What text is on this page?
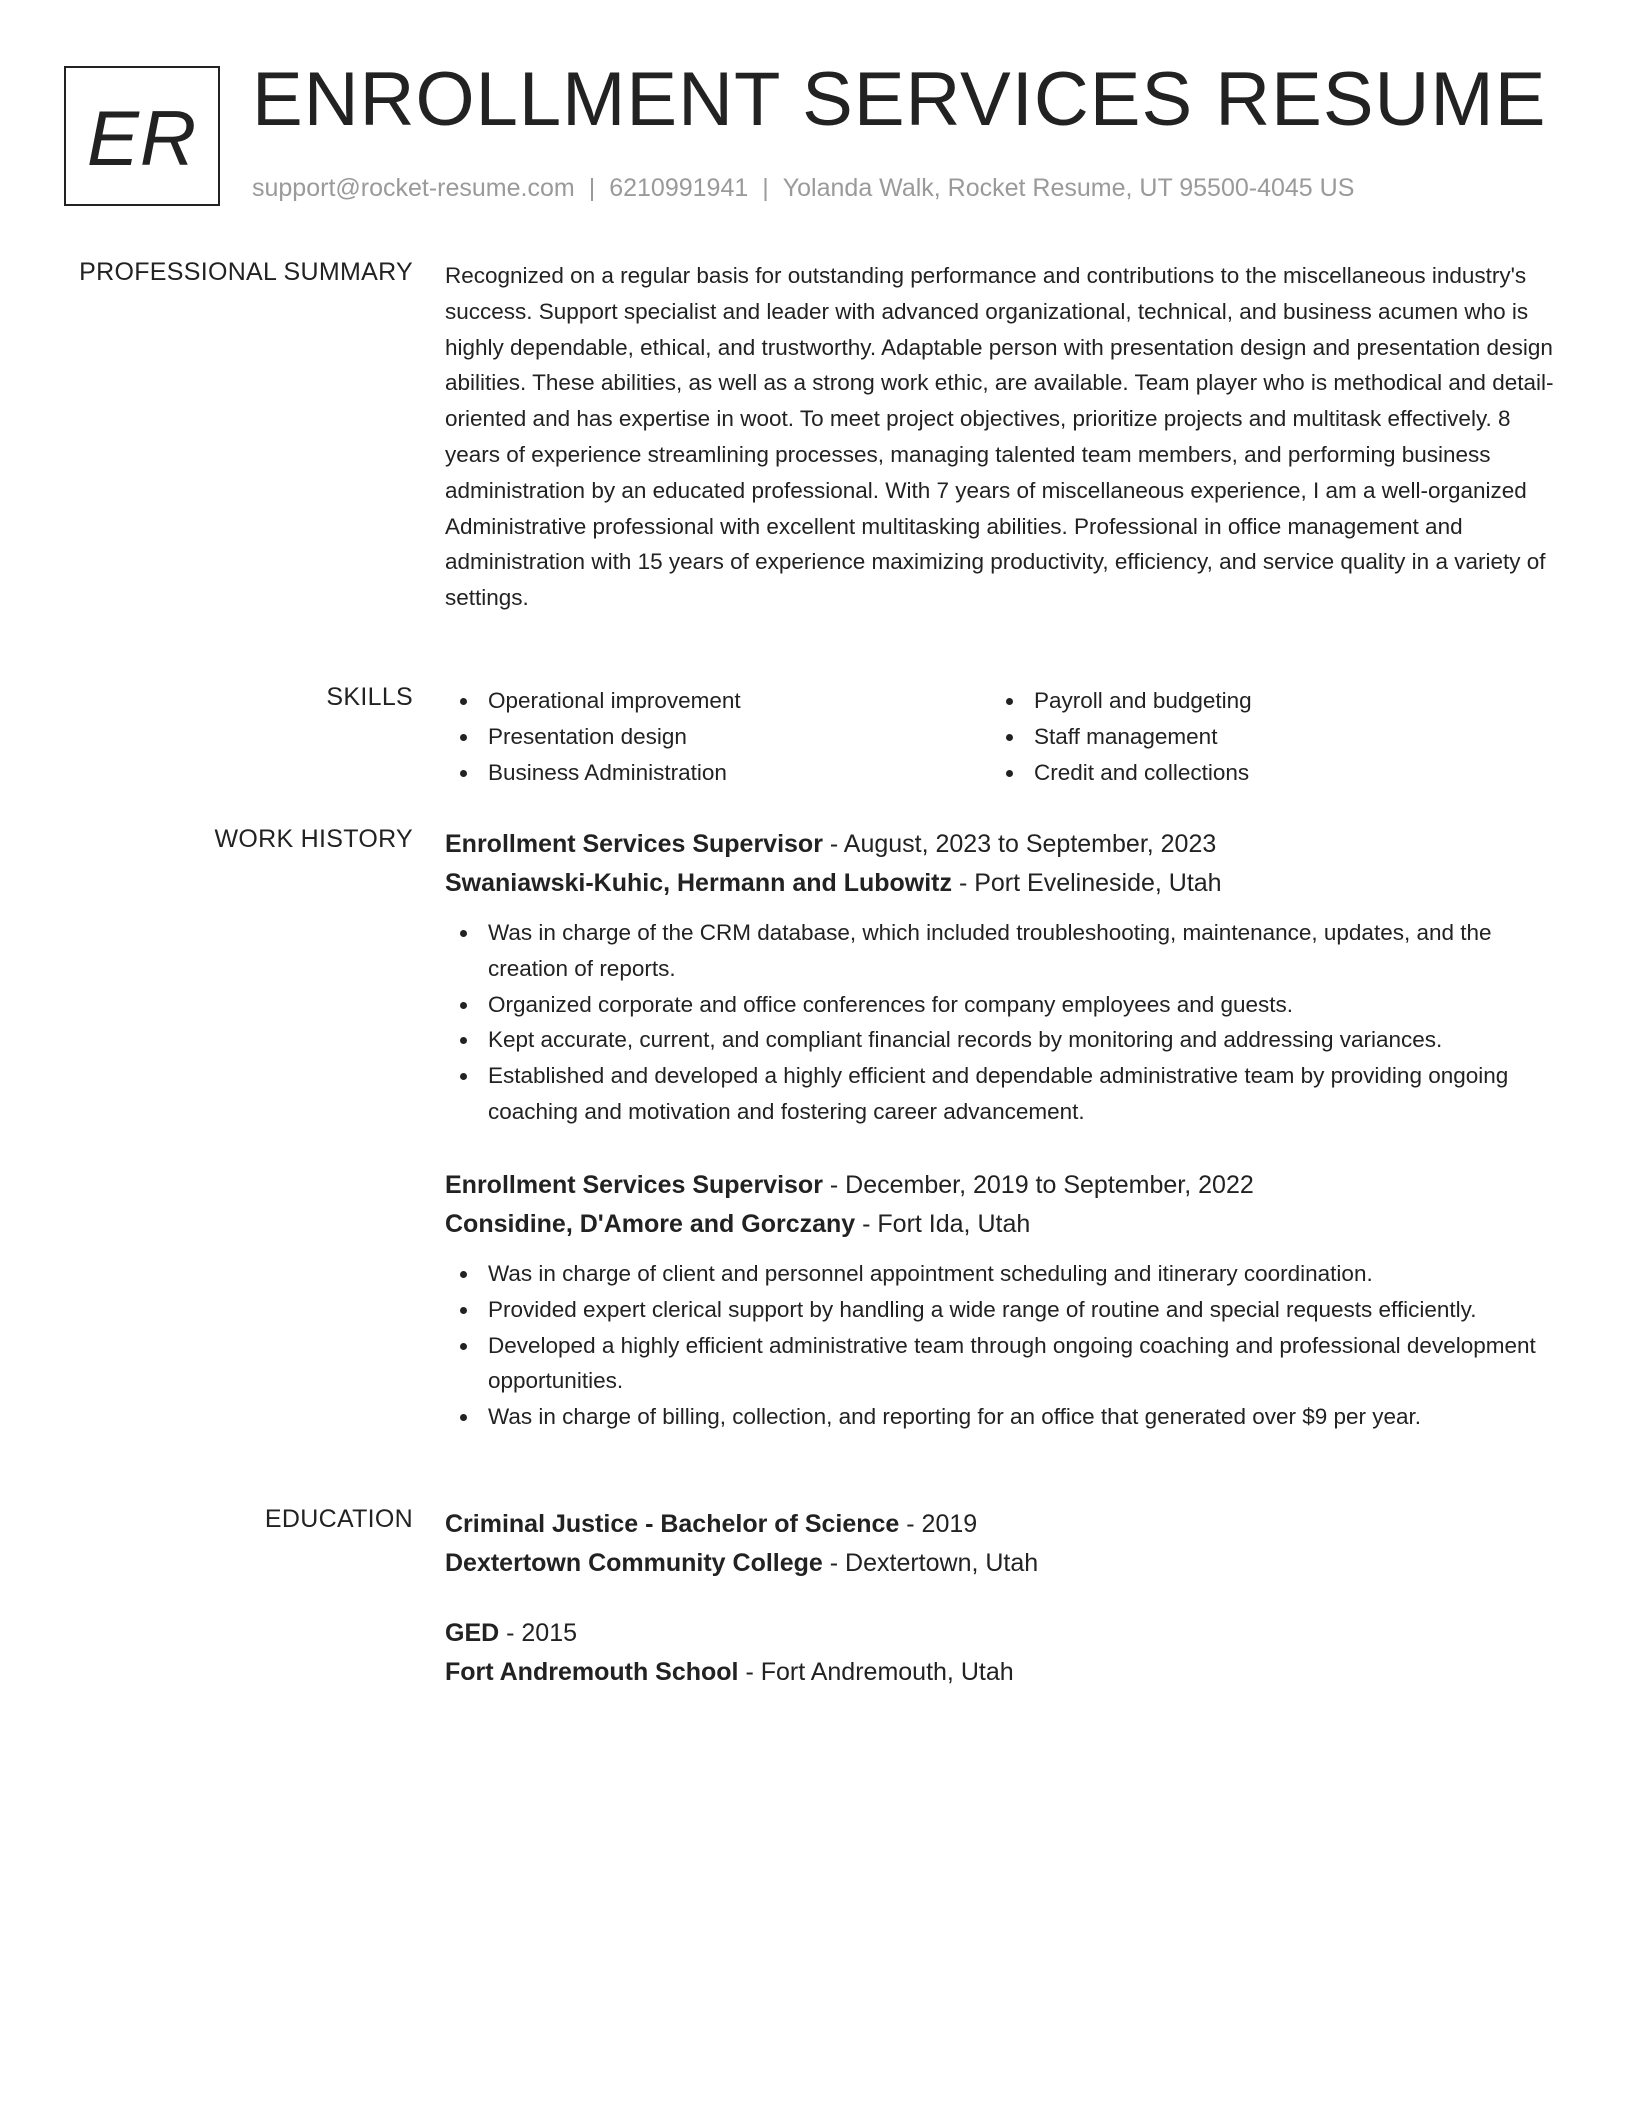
ER ENROLLMENT SERVICES RESUME
support@rocket-resume.com | 6210991941 | Yolanda Walk, Rocket Resume, UT 95500-4045 US
PROFESSIONAL SUMMARY Recognized on a regular basis for outstanding performance and contributions to the miscellaneous industry's success. Support specialist and leader with advanced organizational, technical, and business acumen who is highly dependable, ethical, and trustworthy. Adaptable person with presentation design and presentation design abilities. These abilities, as well as a strong work ethic, are available. Team player who is methodical and detail-oriented and has expertise in woot. To meet project objectives, prioritize projects and multitask effectively. 8 years of experience streamlining processes, managing talented team members, and performing business administration by an educated professional. With 7 years of miscellaneous experience, I am a well-organized Administrative professional with excellent multitasking abilities. Professional in office management and administration with 15 years of experience maximizing productivity, efficiency, and service quality in a variety of settings.

SKILLS	Operational improvement
Presentation design
Business Administration
Payroll and budgeting
Staff management
Credit and collections
WORK HISTORY Enrollment Services Supervisor - August, 2023 to September, 2023
Swaniawski-Kuhic, Hermann and Lubowitz - Port Evelineside, Utah
Was in charge of the CRM database, which included troubleshooting, maintenance, updates, and the creation of reports.
Organized corporate and office conferences for company employees and guests.
Kept accurate, current, and compliant financial records by monitoring and addressing variances.
Established and developed a highly efficient and dependable administrative team by providing ongoing coaching and motivation and fostering career advancement.
Enrollment Services Supervisor - December, 2019 to September, 2022
Considine, D'Amore and Gorczany - Fort Ida, Utah
Was in charge of client and personnel appointment scheduling and itinerary coordination.
Provided expert clerical support by handling a wide range of routine and special requests efficiently.
Developed a highly efficient administrative team through ongoing coaching and professional development opportunities.
Was in charge of billing, collection, and reporting for an office that generated over $9 per year.
EDUCATION Criminal Justice - Bachelor of Science - 2019
Dextertown Community College - Dextertown, Utah
GED - 2015
Fort Andremouth School - Fort Andremouth, Utah
